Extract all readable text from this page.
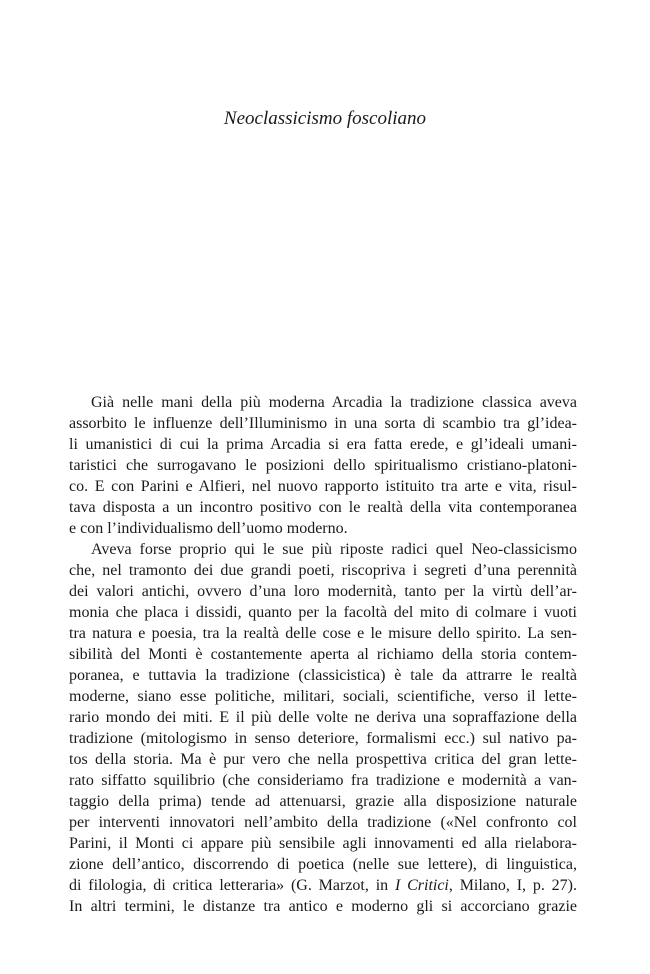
Neoclassicismo foscoliano
Già nelle mani della più moderna Arcadia la tradizione classica aveva
assorbito le influenze dell’Illuminismo in una sorta di scambio tra gl’idea-
li umanistici di cui la prima Arcadia si era fatta erede, e gl’ideali umani-
taristici che surrogavano le posizioni dello spiritualismo cristiano-platoni-
co. E con Parini e Alfieri, nel nuovo rapporto istituito tra arte e vita, risul-
tava disposta a un incontro positivo con le realtà della vita contemporanea
e con l’individualismo dell’uomo moderno.
Aveva forse proprio qui le sue più riposte radici quel Neo-classicismo
che, nel tramonto dei due grandi poeti, riscopriva i segreti d’una perennità
dei valori antichi, ovvero d’una loro modernità, tanto per la virtù dell’ar-
monia che placa i dissidi, quanto per la facoltà del mito di colmare i vuoti
tra natura e poesia, tra la realtà delle cose e le misure dello spirito. La sen-
sibilità del Monti è costantemente aperta al richiamo della storia contem-
poranea, e tuttavia la tradizione (classicistica) è tale da attrarre le realtà
moderne, siano esse politiche, militari, sociali, scientifiche, verso il lette-
rario mondo dei miti. E il più delle volte ne deriva una sopraffazione della
tradizione (mitologismo in senso deteriore, formalismi ecc.) sul nativo pa-
tos della storia. Ma è pur vero che nella prospettiva critica del gran lette-
rato siffatto squilibrio (che consideriamo fra tradizione e modernità a van-
taggio della prima) tende ad attenuarsi, grazie alla disposizione naturale
per interventi innovatori nell’ambito della tradizione («Nel confronto col
Parini, il Monti ci appare più sensibile agli innovamenti ed alla rielabora-
zione dell’antico, discorrendo di poetica (nelle sue lettere), di linguistica,
di filologia, di critica letteraria» (G. Marzot, in I Critici, Milano, I, p. 27).
In altri termini, le distanze tra antico e moderno gli si accorciano grazie
